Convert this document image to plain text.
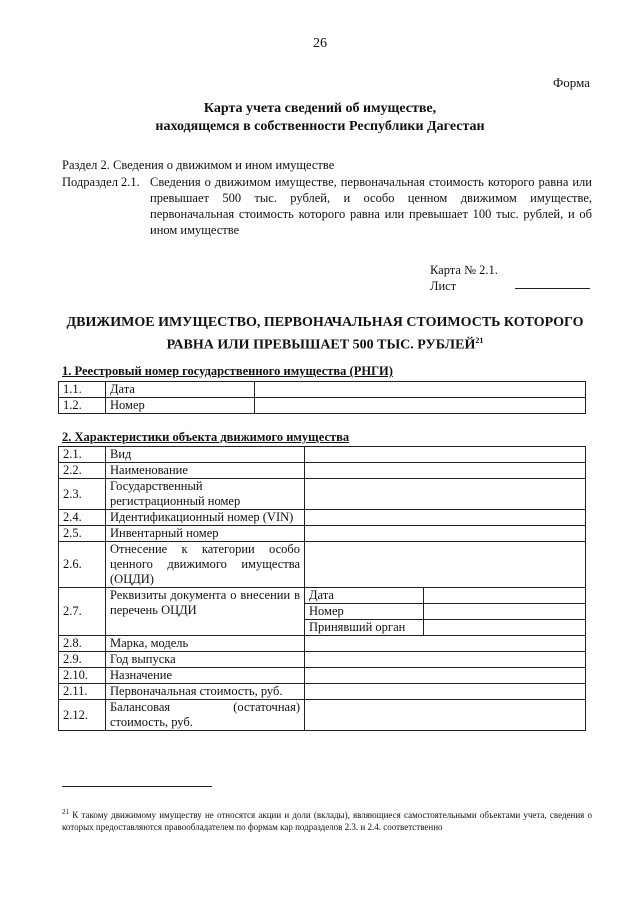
26
Форма
Карта учета сведений об имуществе,
находящемся в собственности Республики Дагестан
Раздел 2. Сведения о движимом и ином имуществе
Подраздел 2.1. Сведения о движимом имуществе, первоначальная стоимость которого равна или превышает 500 тыс. рублей, и особо ценном движимом имуществе, первоначальная стоимость которого равна или превышает 100 тыс. рублей, и об ином имуществе
Карта № 2.1.
Лист
ДВИЖИМОЕ ИМУЩЕСТВО, ПЕРВОНАЧАЛЬНАЯ СТОИМОСТЬ КОТОРОГО
РАВНА ИЛИ ПРЕВЫШАЕТ 500 ТЫС. РУБЛЕЙ$^{21}$
1. Реестровый номер государственного имущества (РНГИ)
1.1.	Дата	
1.2.	Номер	
2. Характеристики объекта движимого имущества
2.1.	Вид		
2.2.	Наименование		
2.3.	Государственный регистрационный номер		
2.4.	Идентификационный номер (VIN)		
2.5.	Инвентарный номер		
2.6.	Отнесение к категории особо ценного движимого имущества (ОЦДИ)		
2.7.	Реквизиты документа о внесении в перечень ОЦДИ	Дата	
		Номер	
		Принявший орган	
2.8.	Марка, модель		
2.9.	Год выпуска		
2.10.	Назначение		
2.11.	Первоначальная стоимость, руб.		
2.12.	Балансовая (остаточная) стоимость, руб.		
$^{21}$ К такому движимому имуществу не относятся акции и доли (вклады), являющиеся самостоятельными объектами учета, сведения о которых предоставляются правообладателем по формам кар подразделов 2.3. и 2.4. соответственно
